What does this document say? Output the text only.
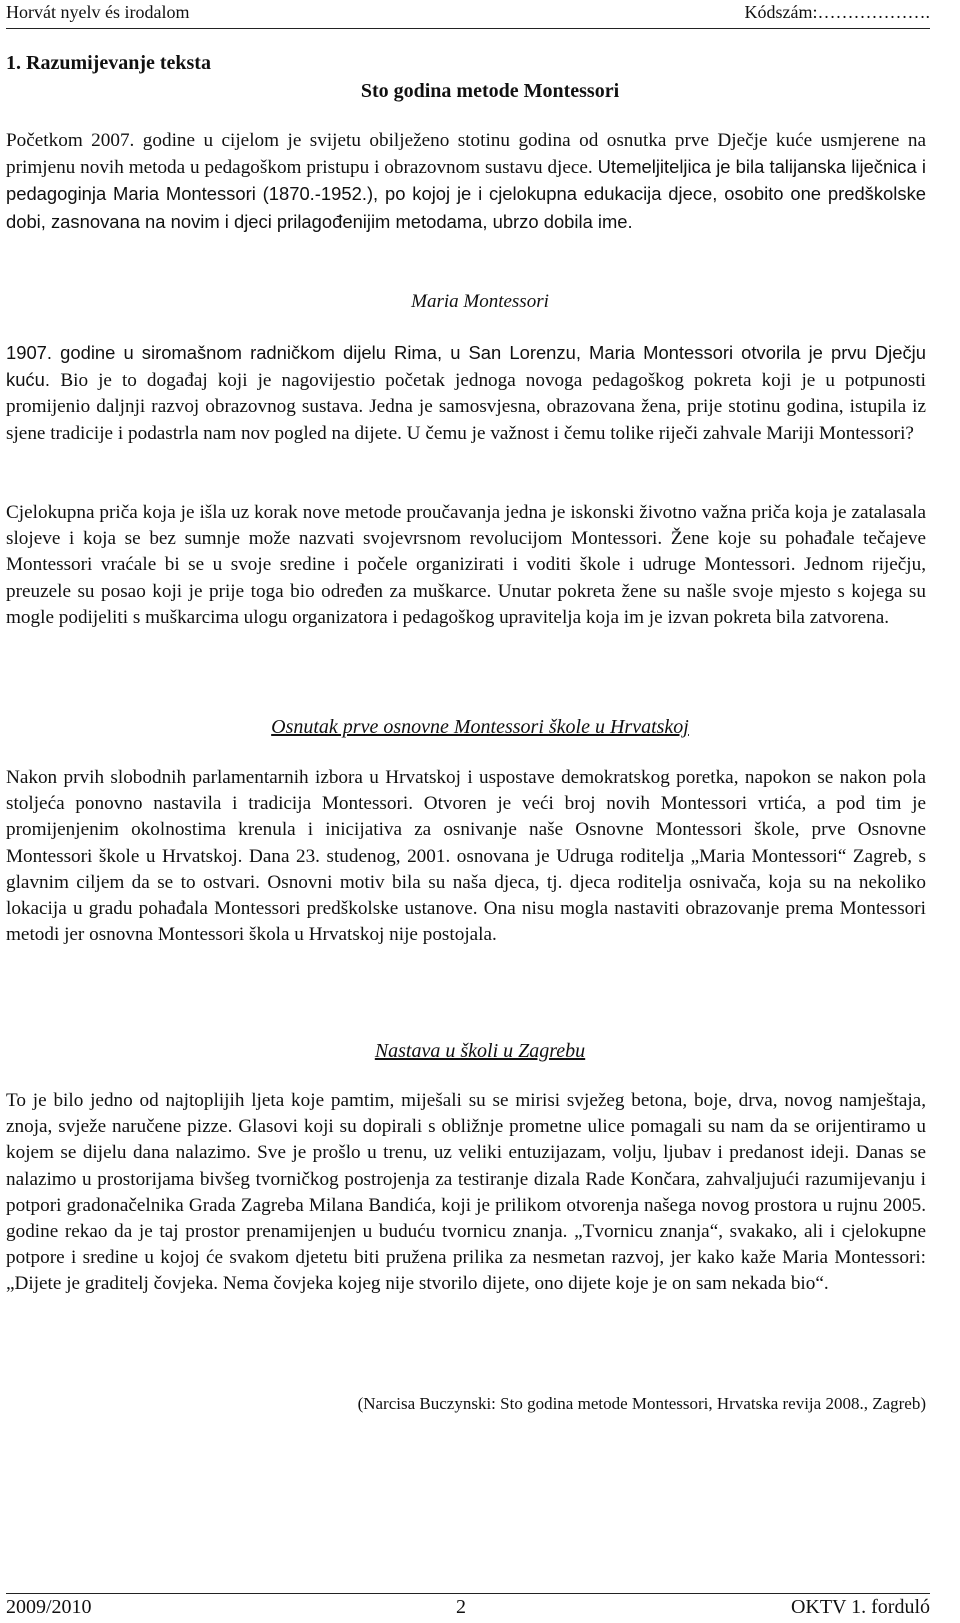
Horvát nyelv és irodalom	Kódszám:……………….
1. Razumijevanje teksta
Sto godina metode Montessori

Početkom 2007. godine u cijelom je svijetu obilježeno stotinu godina od osnutka prve Dječje kuće usmjerene na primjenu novih metoda u pedagoškom pristupu i obrazovnom sustavu djece. Utemeljiteljica je bila talijanska liječnica i pedagoginja Maria Montessori (1870.-1952.), po kojoj je i cjelokupna edukacija djece, osobito one predškolske dobi, zasnovana na novim i djeci prilagođenijim metodama, ubrzo dobila ime.

Maria Montessori

1907. godine u siromašnom radničkom dijelu Rima, u San Lorenzu, Maria Montessori otvorila je prvu Dječju kuću. Bio je to događaj koji je nagovijestio početak jednoga novoga pedagoškog pokreta koji je u potpunosti promijenio daljnji razvoj obrazovnog sustava. Jedna je samosvjesna, obrazovana žena, prije stotinu godina, istupila iz sjene tradicije i podastrla nam nov pogled na dijete. U čemu je važnost i čemu tolike riječi zahvale Mariji Montessori?

Cjelokupna priča koja je išla uz korak nove metode proučavanja jedna je iskonski životno važna priča koja je zatalasala slojeve i koja se bez sumnje može nazvati svojevrsnom revolucijom Montessori. Žene koje su pohađale tečajeve Montessori vraćale bi se u svoje sredine i počele organizirati i voditi škole i udruge Montessori. Jednom riječju, preuzele su posao koji je prije toga bio određen za muškarce. Unutar pokreta žene su našle svoje mjesto s kojega su mogle podijeliti s muškarcima ulogu organizatora i pedagoškog upravitelja koja im je izvan pokreta bila zatvorena.

Osnutak prve osnovne Montessori škole u Hrvatskoj

Nakon prvih slobodnih parlamentarnih izbora u Hrvatskoj i uspostave demokratskog poretka, napokon se nakon pola stoljeća ponovno nastavila i tradicija Montessori. Otvoren je veći broj novih Montessori vrtića, a pod tim je promijenjenim okolnostima krenula i inicijativa za osnivanje naše Osnovne Montessori škole, prve Osnovne Montessori škole u Hrvatskoj. Dana 23. studenog, 2001. osnovana je Udruga roditelja „Maria Montessori“ Zagreb, s glavnim ciljem da se to ostvari. Osnovni motiv bila su naša djeca, tj. djeca roditelja osnivača, koja su na nekoliko lokacija u gradu pohađala Montessori predškolske ustanove. Ona nisu mogla nastaviti obrazovanje prema Montessori metodi jer osnovna Montessori škola u Hrvatskoj nije postojala.

Nastava u školi u Zagrebu

To je bilo jedno od najtoplijih ljeta koje pamtim, miješali su se mirisi svježeg betona, boje, drva, novog namještaja, znoja, svježe naručene pizze. Glasovi koji su dopirali s obližnje prometne ulice pomagali su nam da se orijentiramo u kojem se dijelu dana nalazimo. Sve je prošlo u trenu, uz veliki entuzijazam, volju, ljubav i predanost ideji. Danas se nalazimo u prostorijama bivšeg tvorničkog postrojenja za testiranje dizala Rade Končara, zahvaljujući razumijevanju i potpori gradonačelnika Grada Zagreba Milana Bandića, koji je prilikom otvorenja našega novog prostora u rujnu 2005. godine rekao da je taj prostor prenamijenjen u buduću tvornicu znanja. „Tvornicu znanja“, svakako, ali i cjelokupne potpore i sredine u kojoj će svakom djetetu biti pružena prilika za nesmetan razvoj, jer kako kaže Maria Montessori: „Dijete je graditelj čovjeka. Nema čovjeka kojeg nije stvorilo dijete, ono dijete koje je on sam nekada bio“.

(Narcisa Buczynski: Sto godina metode Montessori, Hrvatska revija 2008., Zagreb)
2009/2010	2	OKTV 1. forduló
